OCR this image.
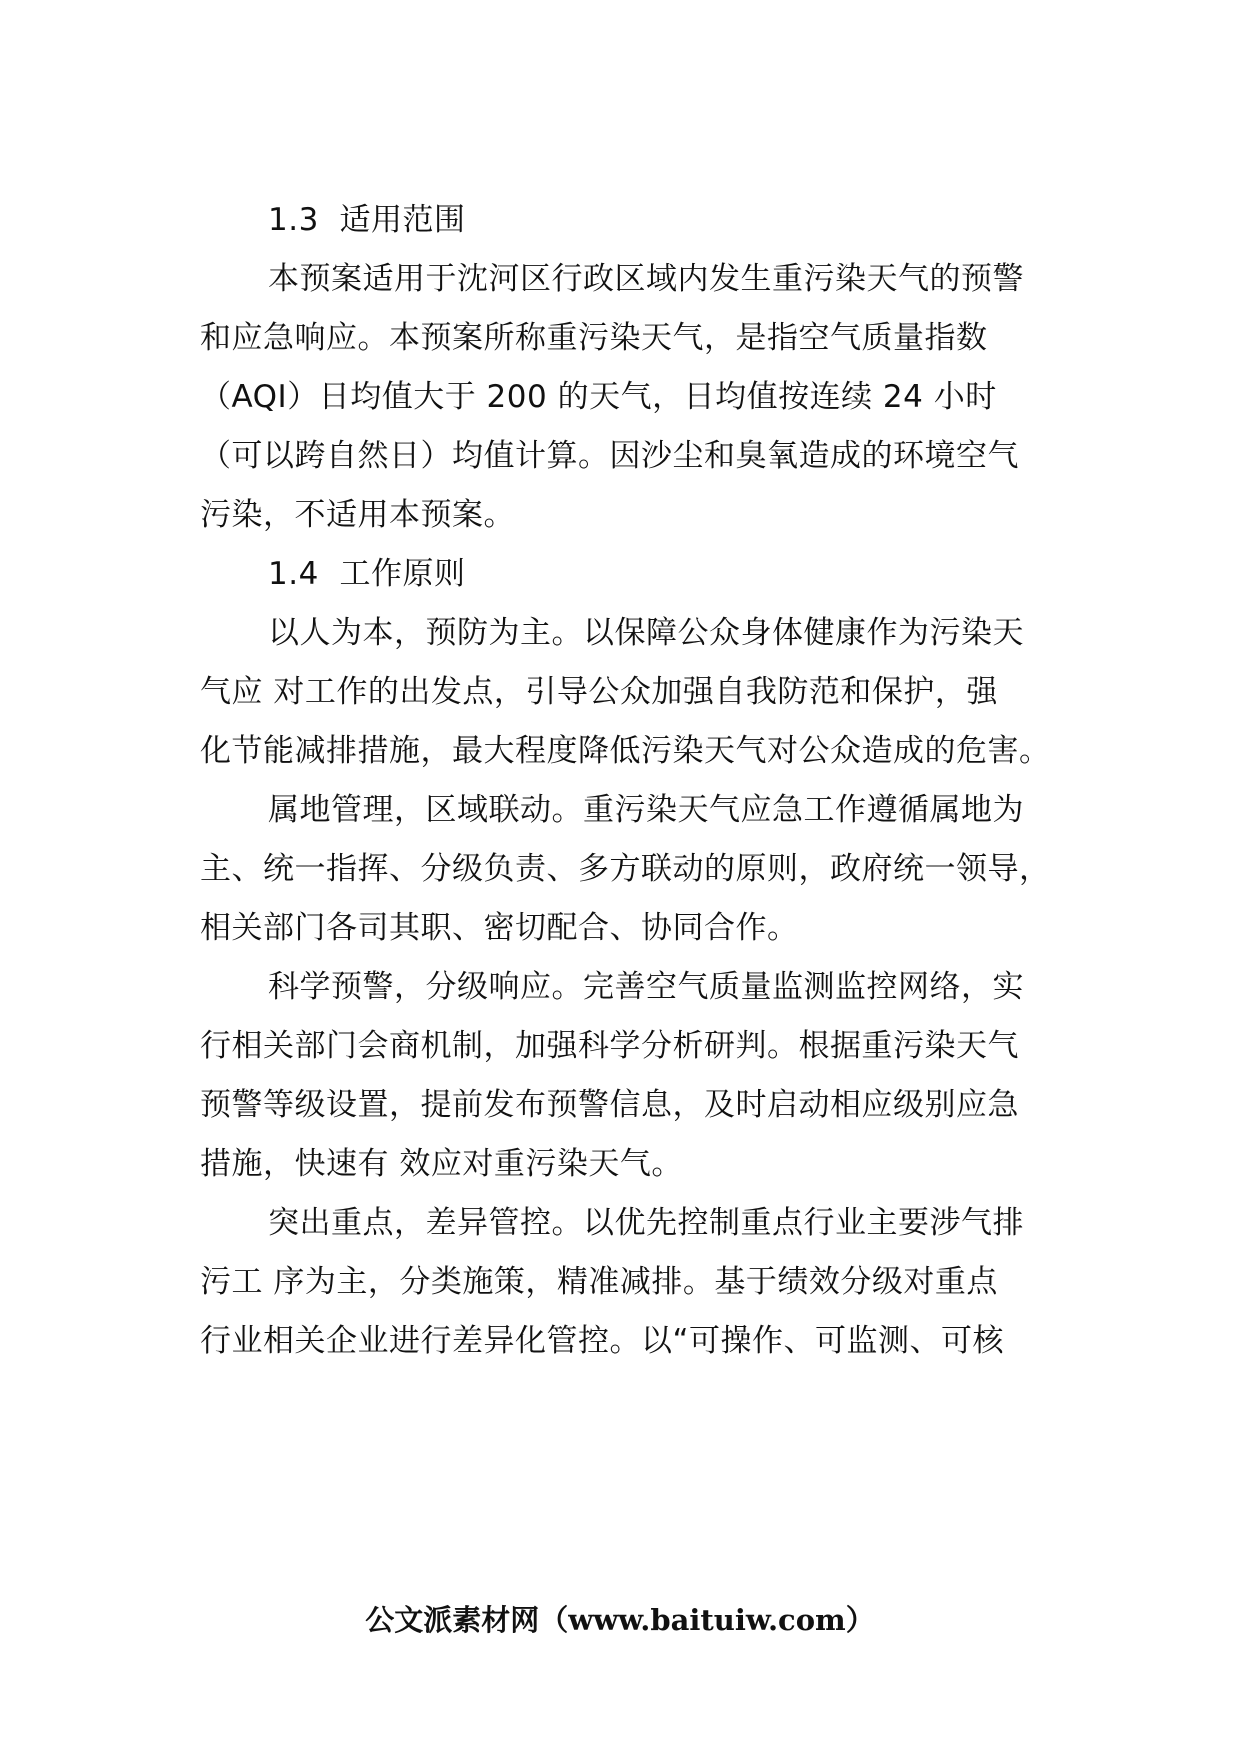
1.3  适用范围
本预案适用于沈河区行政区域内发生重污染天气的预警
和应急响应。本预案所称重污染天气，是指空气质量指数
（AQI）日均值大于 200 的天气，日均值按连续 24 小时
（可以跨自然日）均值计算。因沙尘和臭氧造成的环境空气
污染，不适用本预案。
1.4  工作原则
以人为本，预防为主。以保障公众身体健康作为污染天
气应 对工作的出发点，引导公众加强自我防范和保护，强
化节能减排措施，最大程度降低污染天气对公众造成的危害。
属地管理，区域联动。重污染天气应急工作遵循属地为
主、统一指挥、分级负责、多方联动的原则，政府统一领导，
相关部门各司其职、密切配合、协同合作。
科学预警，分级响应。完善空气质量监测监控网络，实
行相关部门会商机制，加强科学分析研判。根据重污染天气
预警等级设置，提前发布预警信息，及时启动相应级别应急
措施，快速有 效应对重污染天气。
突出重点，差异管控。以优先控制重点行业主要涉气排
污工 序为主，分类施策，精准减排。基于绩效分级对重点
行业相关企业进行差异化管控。以“可操作、可监测、可核
公文派素材网（www.baituiw.com）
